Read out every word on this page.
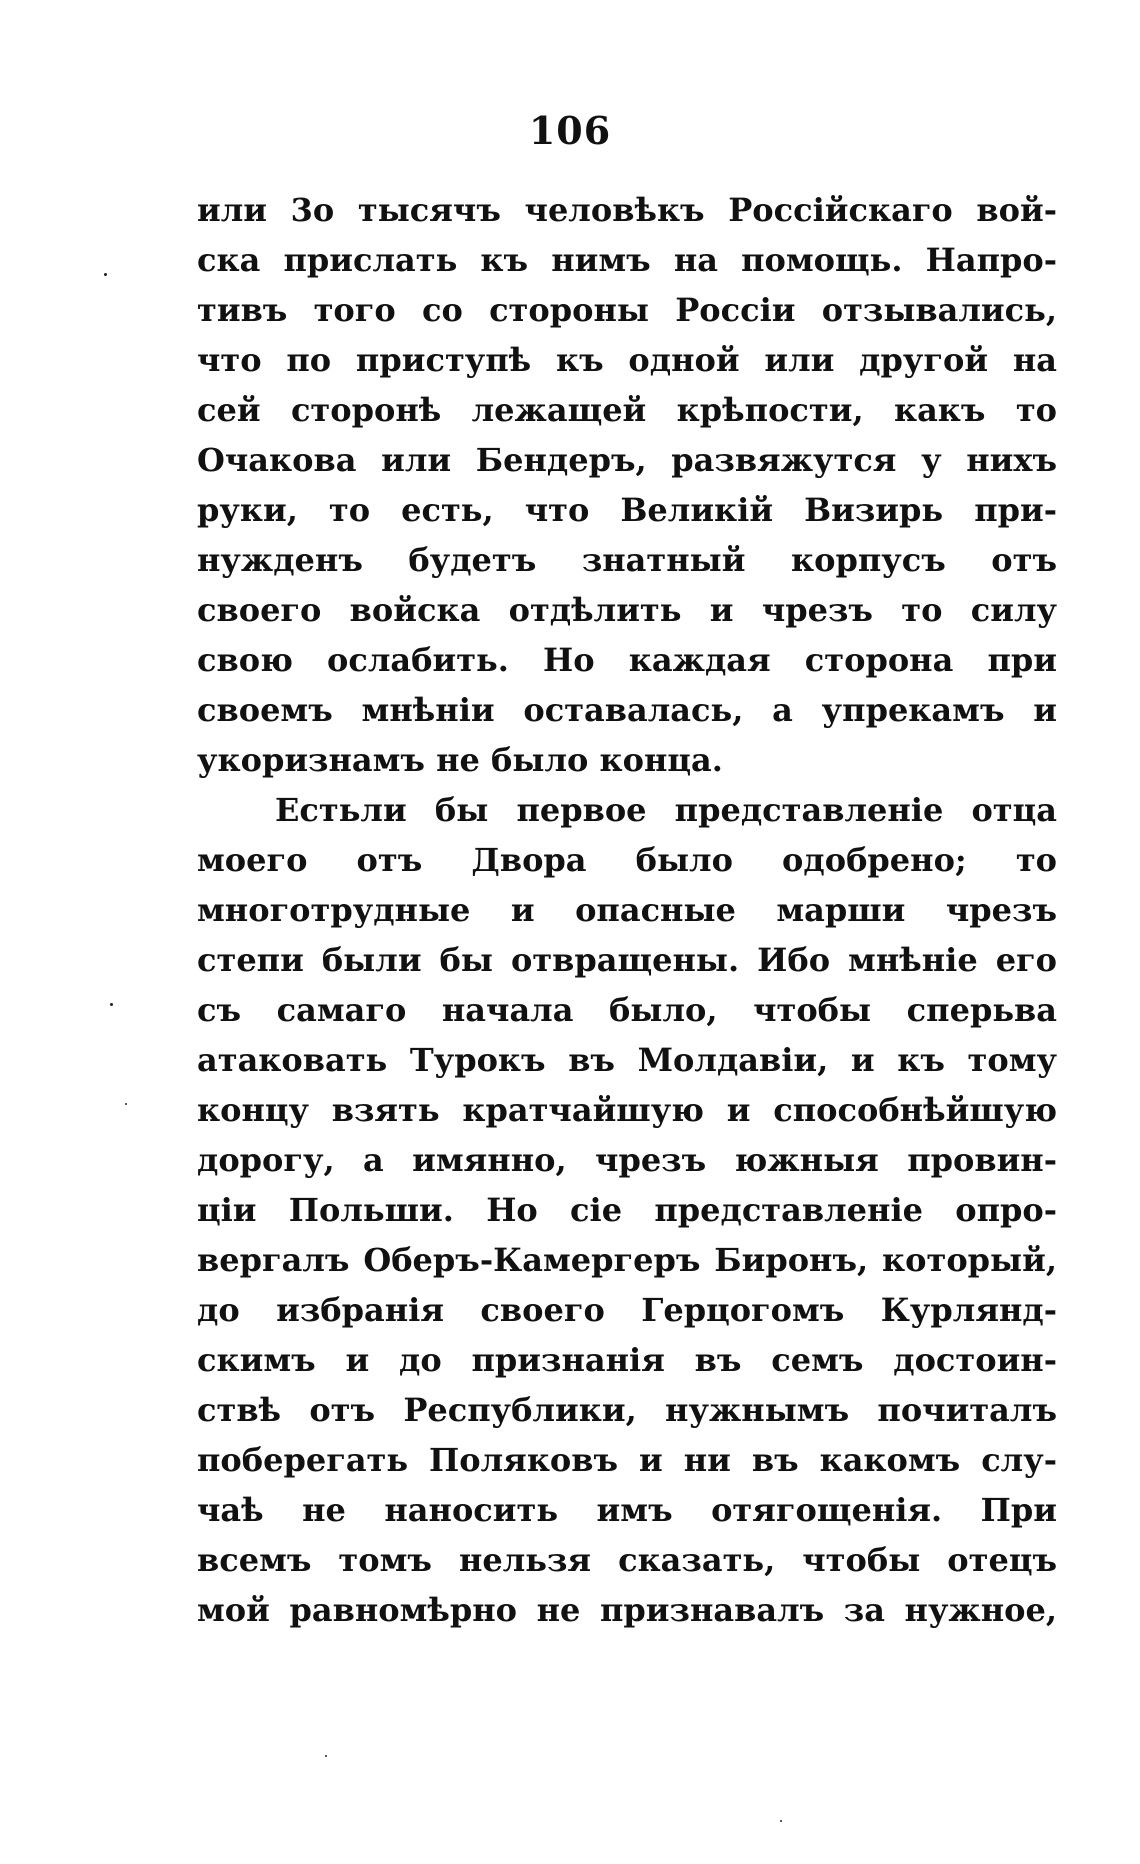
106
или 3о тысячъ человѣкъ Россійскаго вой-
ска прислать къ нимъ на помощь. Напро-
тивъ того со стороны Россіи отзывались,
что по приступѣ къ одной или другой на
сей сторонѣ лежащей крѣпости, какъ то
Очакова или Бендеръ, развяжутся у нихъ
руки, то есть, что Великій Визирь при-
нужденъ будетъ знатный корпусъ отъ
своего войска отдѣлить и чрезъ то силу
свою ослабить. Но каждая сторона при
своемъ мнѣніи оставалась, а упрекамъ и
укоризнамъ не было конца.
Естьли бы первое представленіе отца
моего отъ Двора было одобрено; то
многотрудные и опасные марши чрезъ
степи были бы отвращены. Ибо мнѣніе его
съ самаго начала было, чтобы сперьва
атаковать Турокъ въ Молдавіи, и къ тому
концу взять кратчайшую и способнѣйшую
дорогу, а имянно, чрезъ южныя провин-
ціи Польши. Но сіе представленіе опро-
вергалъ Оберъ-Камергеръ Биронъ, который,
до избранія своего Герцогомъ Курлянд-
скимъ и до признанія въ семъ достоин-
ствѣ отъ Республики, нужнымъ почиталъ
поберегать Поляковъ и ни въ какомъ слу-
чаѣ не наносить имъ отягощенія. При
всемъ томъ нельзя сказать, чтобы отецъ
мой равномѣрно не признавалъ за нужное,
